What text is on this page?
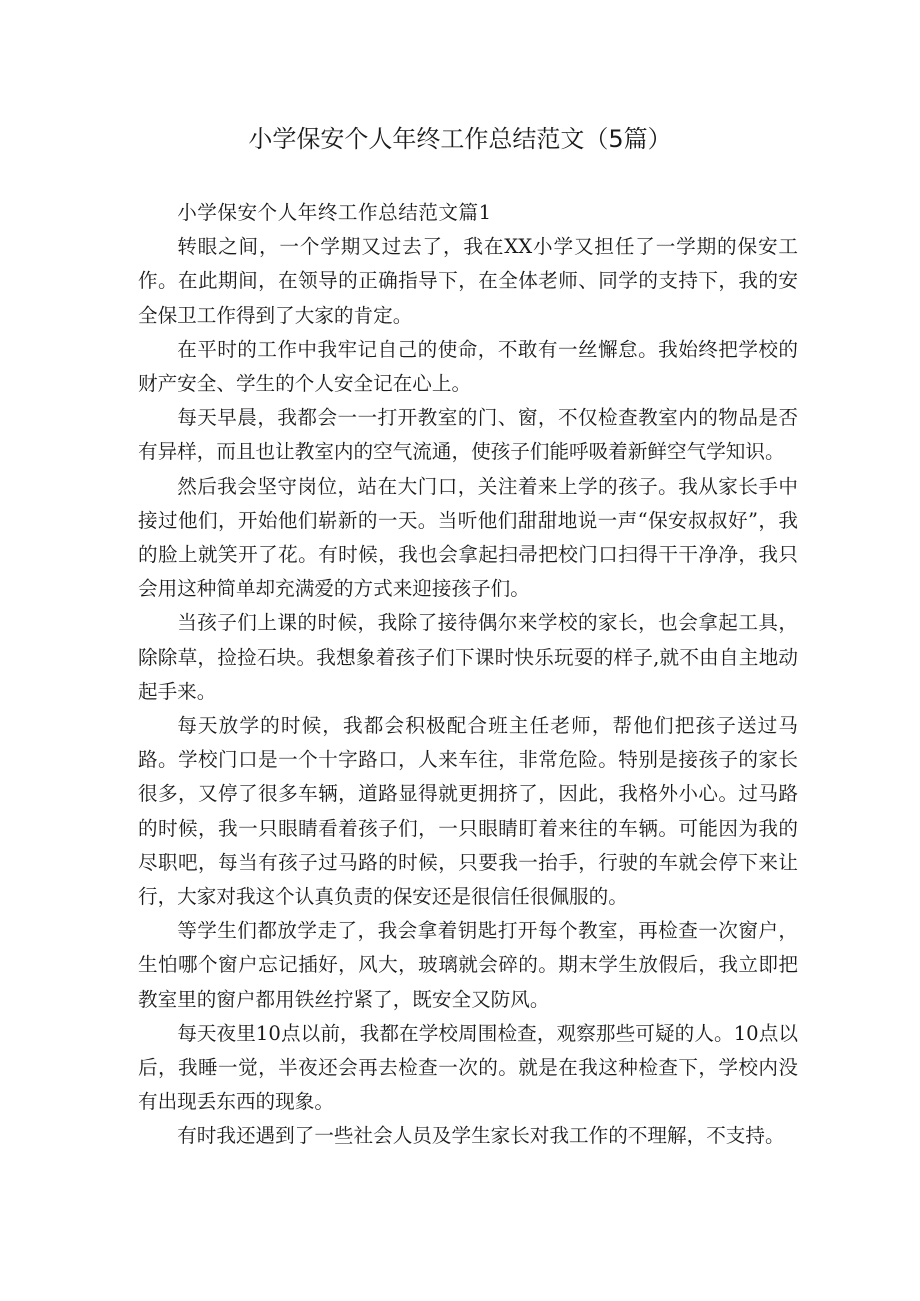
小学保安个人年终工作总结范文（5篇）

小学保安个人年终工作总结范文篇1

转眼之间，一个学期又过去了，我在XX小学又担任了一学期的保安工作。在此期间，在领导的正确指导下，在全体老师、同学的支持下，我的安全保卫工作得到了大家的肯定。

在平时的工作中我牢记自己的使命，不敢有一丝懈怠。我始终把学校的财产安全、学生的个人安全记在心上。

每天早晨，我都会一一打开教室的门、窗，不仅检查教室内的物品是否有异样，而且也让教室内的空气流通，使孩子们能呼吸着新鲜空气学知识。

然后我会坚守岗位，站在大门口，关注着来上学的孩子。我从家长手中接过他们，开始他们崭新的一天。当听他们甜甜地说一声“保安叔叔好”，我的脸上就笑开了花。有时候，我也会拿起扫帚把校门口扫得干干净净，我只会用这种简单却充满爱的方式来迎接孩子们。

当孩子们上课的时候，我除了接待偶尔来学校的家长，也会拿起工具，除除草，捡捡石块。我想象着孩子们下课时快乐玩耍的样子,就不由自主地动起手来。

每天放学的时候，我都会积极配合班主任老师，帮他们把孩子送过马路。学校门口是一个十字路口，人来车往，非常危险。特别是接孩子的家长很多，又停了很多车辆，道路显得就更拥挤了，因此，我格外小心。过马路的时候，我一只眼睛看着孩子们，一只眼睛盯着来往的车辆。可能因为我的尽职吧，每当有孩子过马路的时候，只要我一抬手，行驶的车就会停下来让行，大家对我这个认真负责的保安还是很信任很佩服的。

等学生们都放学走了，我会拿着钥匙打开每个教室，再检查一次窗户，生怕哪个窗户忘记插好，风大，玻璃就会碎的。期末学生放假后，我立即把教室里的窗户都用铁丝拧紧了，既安全又防风。

每天夜里10点以前，我都在学校周围检查，观察那些可疑的人。10点以后，我睡一觉，半夜还会再去检查一次的。就是在我这种检查下，学校内没有出现丢东西的现象。

有时我还遇到了一些社会人员及学生家长对我工作的不理解，不支持。
